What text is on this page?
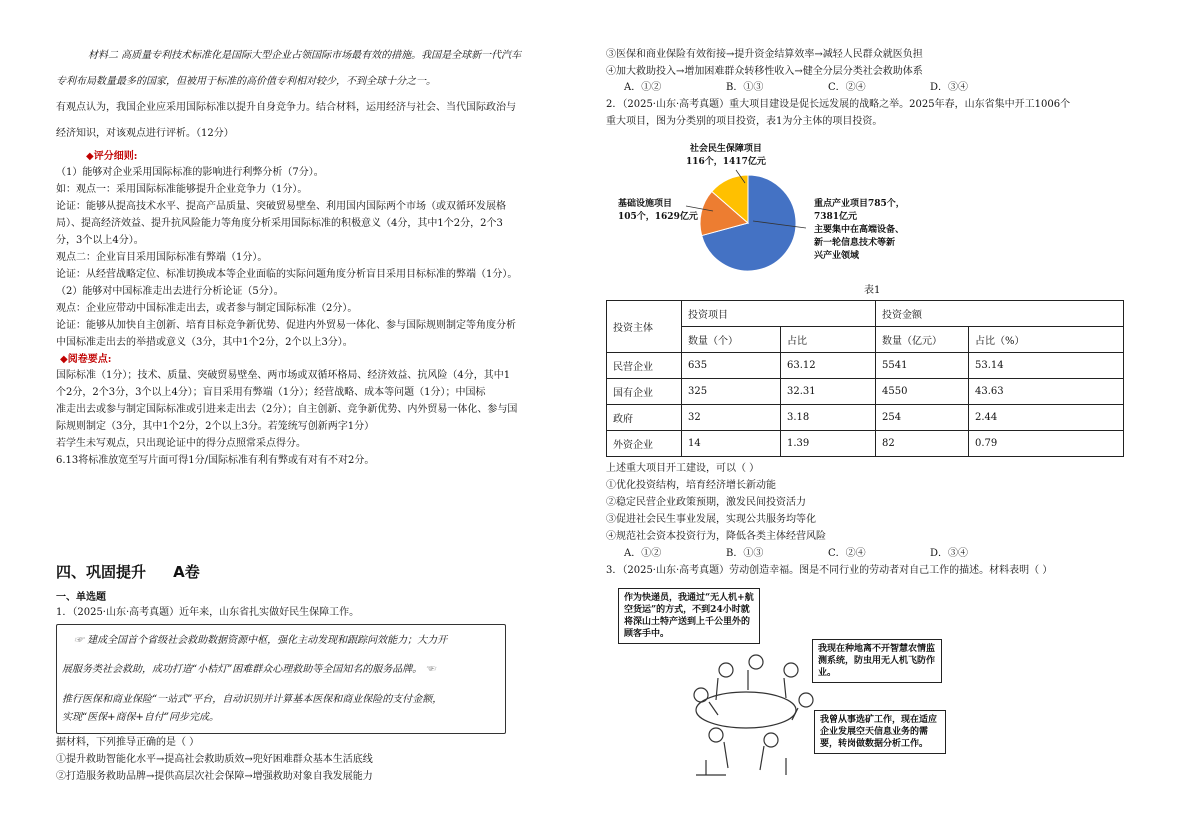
材料二 高质量专利技术标准化是国际大型企业占领国际市场最有效的措施。我国是全球新一代汽车

专利布局数量最多的国家，但被用于标准的高价值专利相对较少，不到全球十分之一。

有观点认为，我国企业应采用国际标准以提升自身竞争力。结合材料，运用经济与社会、当代国际政治与

经济知识，对该观点进行评析。（12分）

◆评分细则:

（1）能够对企业采用国际标准的影响进行利弊分析（7分）。

如：观点一：采用国际标准能够提升企业竞争力（1分）。

论证：能够从提高技术水平、提高产品质量、突破贸易壁垒、利用国内国际两个市场（或双循环发展格

局）、提高经济效益、提升抗风险能力等角度分析采用国际标准的积极意义（4分，其中1个2分，2个3

分，3个以上4分）。

观点二：企业盲目采用国际标准有弊端（1分）。

论证：从经营战略定位、标准切换成本等企业面临的实际问题角度分析盲目采用目标标准的弊端（1分）。

（2）能够对中国标准走出去进行分析论证（5分）。

观点：企业应带动中国标准走出去，或者参与制定国际标准（2分）。

论证：能够从加快自主创新、培育目标竞争新优势、促进内外贸易一体化、参与国际规则制定等角度分析

中国标准走出去的举措或意义（3分，其中1个2分，2个以上3分）。

◆阅卷要点:

国际标准（1分）；技术、质量、突破贸易壁垒、两市场或双循环格局、经济效益、抗风险（4分，其中1

个2分，2个3分，3个以上4分）；盲目采用有弊端（1分）；经营战略、成本等问题（1分）；中国标

准走出去或参与制定国际标准或引进来走出去（2分）；自主创新、竞争新优势、内外贸易一体化、参与国

际规则制定（3分，其中1个2分，2个以上3分。若笼统写创新两字1分）

若学生未写观点，只出现论证中的得分点照常采点得分。

6.13将标准放宽至写片面可得1分/国际标准有利有弊或有对有不对2分。

四、巩固提升 A卷

一、单选题

1．（2025·山东·高考真题）近年来，山东省扎实做好民生保障工作。

☞ 建成全国首个省级社会救助数据资源中枢，强化主动发现和跟踪问效能力；大力开

展服务类社会救助，成功打造“小桔灯”困难群众心理救助等全国知名的服务品牌。 ☜

推行医保和商业保险“一站式”平台，自动识别并计算基本医保和商业保险的支付金额，

实现“医保+商保+自付”同步完成。

据材料，下列推导正确的是（ ）

①提升救助智能化水平→提高社会救助质效→兜好困难群众基本生活底线

②打造服务救助品牌→提供高层次社会保障→增强救助对象自我发展能力

③医保和商业保险有效衔接→提升资金结算效率→减轻人民群众就医负担

④加大救助投入→增加困难群众转移性收入→健全分层分类社会救助体系

A．①②	B．①③	C．②④	D．③④

2．（2025·山东·高考真题）重大项目建设是促长远发展的战略之举。2025年春，山东省集中开工1006个

重大项目，图为分类别的项目投资，表1为分主体的项目投资。

社会民生保障项目
116个，1417亿元
基础设施项目
105个，1629亿元
重点产业项目785个，
7381亿元
主要集中在高端设备、
新一轮信息技术等新
兴产业领域

表1

投资主体	投资项目		投资金额	
	数量（个）	占比	数量（亿元）	占比（%）
民营企业	635	63.12	5541	53.14
国有企业	325	32.31	4550	43.63
政府	32	3.18	254	2.44
外资企业	14	1.39	82	0.79

上述重大项目开工建设，可以（ ）

①优化投资结构，培育经济增长新动能

②稳定民营企业政策预期，激发民间投资活力

③促进社会民生事业发展，实现公共服务均等化

④规范社会资本投资行为，降低各类主体经营风险

A．①②	B．①③	C．②④	D．③④

3．（2025·山东·高考真题）劳动创造幸福。图是不同行业的劳动者对自己工作的描述。材料表明（ ）

作为快递员，我通过“无人机+航空货运”的方式，不到24小时就将深山土特产送到上千公里外的顾客手中。
我现在种地离不开智慧农情监测系统，防虫用无人机飞防作业。
我曾从事选矿工作，现在适应企业发展空天信息业务的需要，转岗做数据分析工作。
